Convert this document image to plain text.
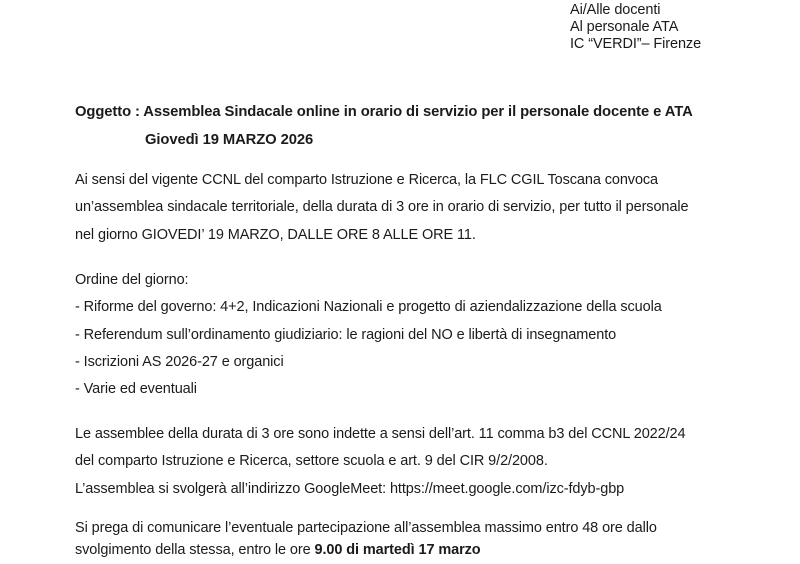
Ai/Alle docenti
Al personale ATA
IC “VERDI”– Firenze
Oggetto : Assemblea Sindacale online in orario di servizio per il personale docente e ATA
Giovedì 19 MARZO 2026
Ai sensi del vigente CCNL del comparto Istruzione e Ricerca, la FLC CGIL Toscana convoca
un’assemblea sindacale territoriale, della durata di 3 ore in orario di servizio, per tutto il personale
nel giorno GIOVEDI’ 19 MARZO, DALLE ORE 8 ALLE ORE 11.
Ordine del giorno:
- Riforme del governo: 4+2, Indicazioni Nazionali e progetto di aziendalizzazione della scuola
- Referendum sull’ordinamento giudiziario: le ragioni del NO e libertà di insegnamento
- Iscrizioni AS 2026-27 e organici
- Varie ed eventuali
Le assemblee della durata di 3 ore sono indette a sensi dell’art. 11 comma b3 del CCNL 2022/24
del comparto Istruzione e Ricerca, settore scuola e art. 9 del CIR 9/2/2008.
L’assemblea si svolgerà all’indirizzo GoogleMeet: https://meet.google.com/izc-fdyb-gbp
Si prega di comunicare l’eventuale partecipazione all’assemblea massimo entro 48 ore dallo
svolgimento della stessa, entro le ore 9.00 di martedì 17 marzo
